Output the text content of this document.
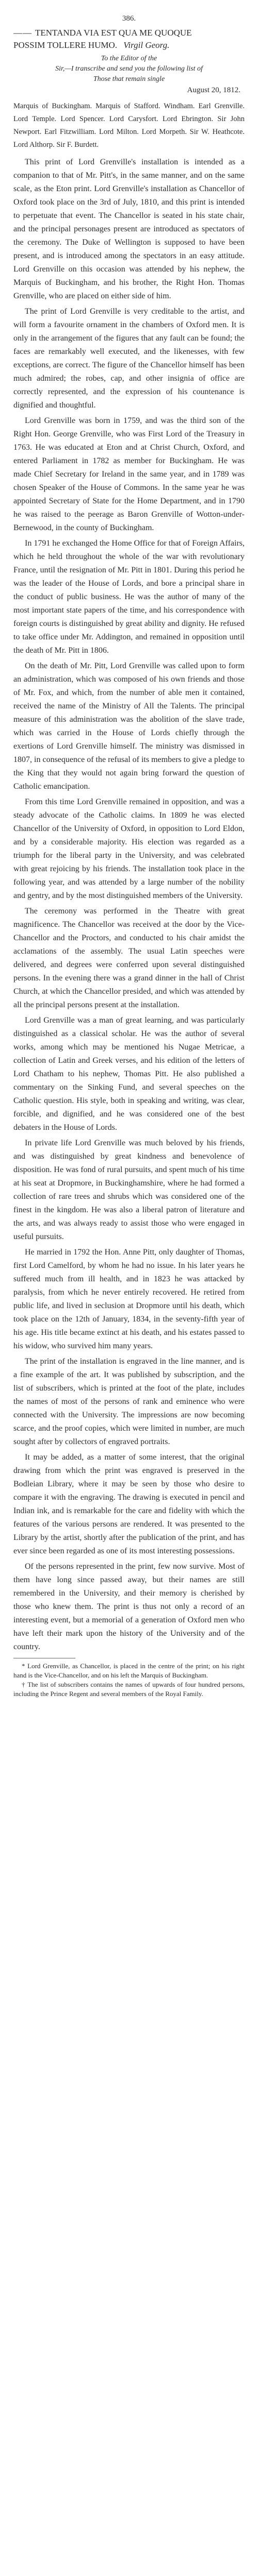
386.
—— TENTANDA VIA EST QUA ME QUOQUE
POSSIM TOLLERE HUMO. Virgil Georg.
To the Editor of the
Sir,—I transcribe and send you the following list of
Those that remain single
August 20, 1812.
Marquis of Buckingham. Marquis of Stafford. Windham. Earl Grenville. Lord Temple. Lord Spencer. Lord Carysfort. Lord Ebrington. Sir John Newport. Earl Fitzwilliam. Lord Milton. Lord Morpeth. Sir W. Heathcote. Lord Althorp. Sir F. Burdett.

This print of Lord Grenville's installation is intended as a companion to that of Mr. Pitt's, in the same manner, and on the same scale, as the Eton print. Lord Grenville's installation as Chancellor of Oxford took place on the 3rd of July, 1810, and this print is intended to perpetuate that event. The Chancellor is seated in his state chair, and the principal personages present are introduced as spectators of the ceremony. The Duke of Wellington is supposed to have been present, and is introduced among the spectators in an easy attitude. Lord Grenville on this occasion was attended by his nephew, the Marquis of Buckingham, and his brother, the Right Hon. Thomas Grenville, who are placed on either side of him.

The print of Lord Grenville is very creditable to the artist, and will form a favourite ornament in the chambers of Oxford men. It is only in the arrangement of the figures that any fault can be found; the faces are remarkably well executed, and the likenesses, with few exceptions, are correct. The figure of the Chancellor himself has been much admired; the robes, cap, and other insignia of office are correctly represented, and the expression of his countenance is dignified and thoughtful.

Lord Grenville was born in 1759, and was the third son of the Right Hon. George Grenville, who was First Lord of the Treasury in 1763. He was educated at Eton and at Christ Church, Oxford, and entered Parliament in 1782 as member for Buckingham. He was made Chief Secretary for Ireland in the same year, and in 1789 was chosen Speaker of the House of Commons. In the same year he was appointed Secretary of State for the Home Department, and in 1790 he was raised to the peerage as Baron Grenville of Wotton-under-Bernewood, in the county of Buckingham.

In 1791 he exchanged the Home Office for that of Foreign Affairs, which he held throughout the whole of the war with revolutionary France, until the resignation of Mr. Pitt in 1801. During this period he was the leader of the House of Lords, and bore a principal share in the conduct of public business. He was the author of many of the most important state papers of the time, and his correspondence with foreign courts is distinguished by great ability and dignity. He refused to take office under Mr. Addington, and remained in opposition until the death of Mr. Pitt in 1806.

On the death of Mr. Pitt, Lord Grenville was called upon to form an administration, which was composed of his own friends and those of Mr. Fox, and which, from the number of able men it contained, received the name of the Ministry of All the Talents. The principal measure of this administration was the abolition of the slave trade, which was carried in the House of Lords chiefly through the exertions of Lord Grenville himself. The ministry was dismissed in 1807, in consequence of the refusal of its members to give a pledge to the King that they would not again bring forward the question of Catholic emancipation.

From this time Lord Grenville remained in opposition, and was a steady advocate of the Catholic claims. In 1809 he was elected Chancellor of the University of Oxford, in opposition to Lord Eldon, and by a considerable majority. His election was regarded as a triumph for the liberal party in the University, and was celebrated with great rejoicing by his friends. The installation took place in the following year, and was attended by a large number of the nobility and gentry, and by the most distinguished members of the University.

The ceremony was performed in the Theatre with great magnificence. The Chancellor was received at the door by the Vice-Chancellor and the Proctors, and conducted to his chair amidst the acclamations of the assembly. The usual Latin speeches were delivered, and degrees were conferred upon several distinguished persons. In the evening there was a grand dinner in the hall of Christ Church, at which the Chancellor presided, and which was attended by all the principal persons present at the installation.

Lord Grenville was a man of great learning, and was particularly distinguished as a classical scholar. He was the author of several works, among which may be mentioned his Nugae Metricae, a collection of Latin and Greek verses, and his edition of the letters of Lord Chatham to his nephew, Thomas Pitt. He also published a commentary on the Sinking Fund, and several speeches on the Catholic question. His style, both in speaking and writing, was clear, forcible, and dignified, and he was considered one of the best debaters in the House of Lords.

In private life Lord Grenville was much beloved by his friends, and was distinguished by great kindness and benevolence of disposition. He was fond of rural pursuits, and spent much of his time at his seat at Dropmore, in Buckinghamshire, where he had formed a collection of rare trees and shrubs which was considered one of the finest in the kingdom. He was also a liberal patron of literature and the arts, and was always ready to assist those who were engaged in useful pursuits.

He married in 1792 the Hon. Anne Pitt, only daughter of Thomas, first Lord Camelford, by whom he had no issue. In his later years he suffered much from ill health, and in 1823 he was attacked by paralysis, from which he never entirely recovered. He retired from public life, and lived in seclusion at Dropmore until his death, which took place on the 12th of January, 1834, in the seventy-fifth year of his age. His title became extinct at his death, and his estates passed to his widow, who survived him many years.

The print of the installation is engraved in the line manner, and is a fine example of the art. It was published by subscription, and the list of subscribers, which is printed at the foot of the plate, includes the names of most of the persons of rank and eminence who were connected with the University. The impressions are now becoming scarce, and the proof copies, which were limited in number, are much sought after by collectors of engraved portraits.

It may be added, as a matter of some interest, that the original drawing from which the print was engraved is preserved in the Bodleian Library, where it may be seen by those who desire to compare it with the engraving. The drawing is executed in pencil and Indian ink, and is remarkable for the care and fidelity with which the features of the various persons are rendered. It was presented to the Library by the artist, shortly after the publication of the print, and has ever since been regarded as one of its most interesting possessions.

Of the persons represented in the print, few now survive. Most of them have long since passed away, but their names are still remembered in the University, and their memory is cherished by those who knew them. The print is thus not only a record of an interesting event, but a memorial of a generation of Oxford men who have left their mark upon the history of the University and of the country.

* Lord Grenville, as Chancellor, is placed in the centre of the print; on his right hand is the Vice-Chancellor, and on his left the Marquis of Buckingham.
† The list of subscribers contains the names of upwards of four hundred persons, including the Prince Regent and several members of the Royal Family.
